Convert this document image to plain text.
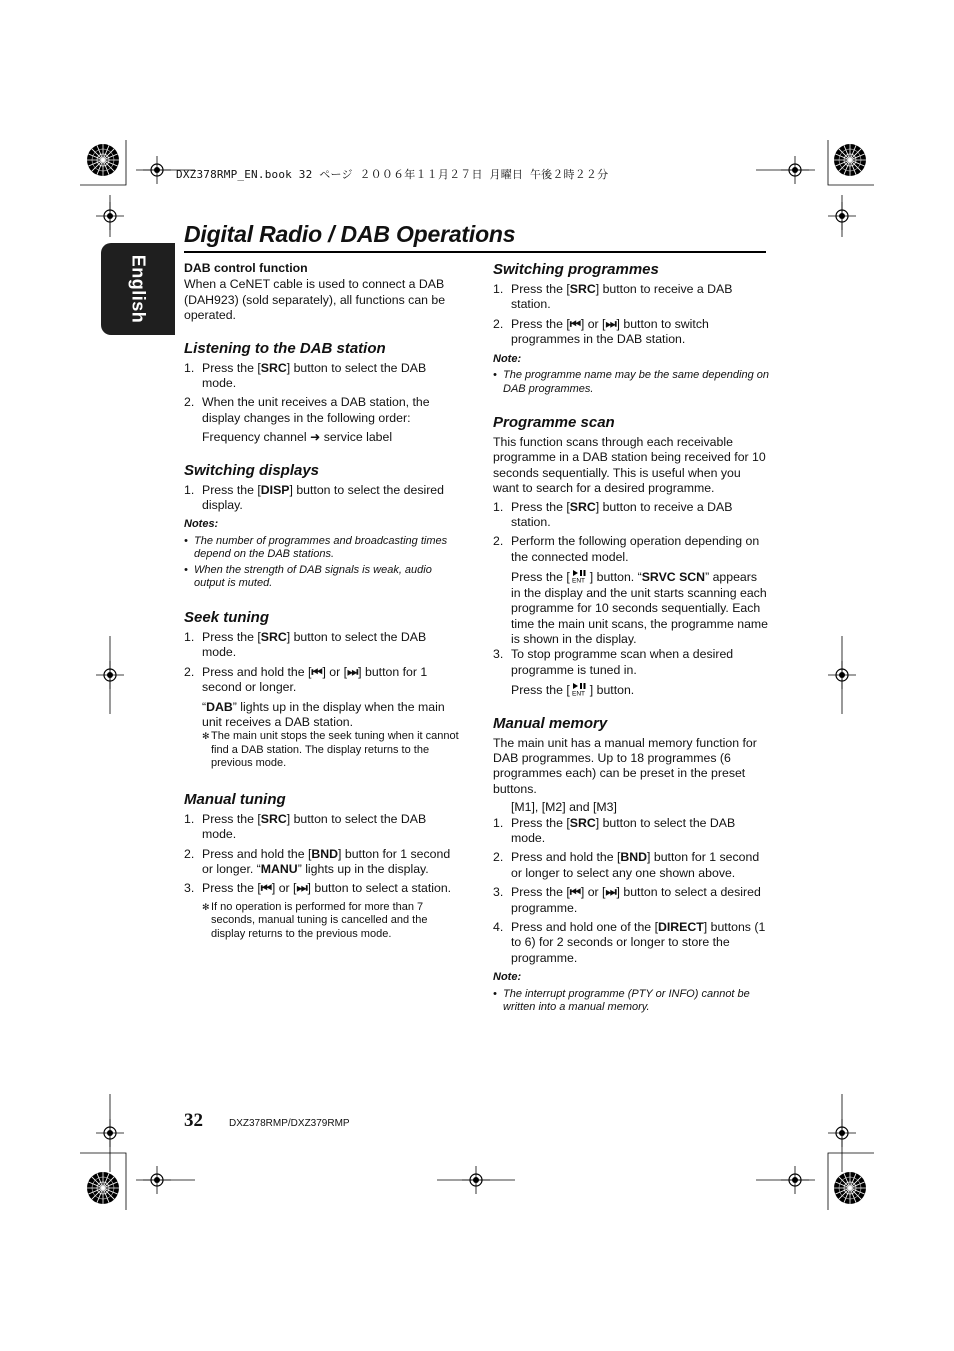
DXZ378RMP_EN.book 32 ページ ２００６年１１月２７日 月曜日 午後２時２２分
Digital Radio / DAB Operations
English	DAB control function

When a CeNET cable is used to connect a DAB (DAH923) (sold separately), all functions can be operated.

Listening to the DAB station
1. Press the [SRC] button to select the DAB mode.
2. When the unit receives a DAB station, the display changes in the following order:

Frequency channel ➜ service label

Switching displays
1. Press the [DISP] button to select the desired display.
Notes:
• The number of programmes and broadcasting times depend on the DAB stations.
• When the strength of DAB signals is weak, audio output is muted.
Seek tuning
1. Press the [SRC] button to select the DAB mode.
2. Press and hold the [⏮] or [⏭] button for 1 second or longer.

“DAB” lights up in the display when the main unit receives a DAB station.

✻ The main unit stops the seek tuning when it cannot find a DAB station. The display returns to the previous mode.
Manual tuning
1. Press the [SRC] button to select the DAB mode.
2. Press and hold the [BND] button for 1 second or longer. “MANU” lights up in the display.
3. Press the [⏮] or [⏭] button to select a station.
✻ If no operation is performed for more than 7 seconds, manual tuning is cancelled and the display returns to the previous mode.
Switching programmes
1. Press the [SRC] button to receive a DAB station.
2. Press the [⏮] or [⏭] button to switch programmes in the DAB station.
Note:
• The programme name may be the same depending on DAB programmes.
Programme scan

This function scans through each receivable programme in a DAB station being received for 10 seconds sequentially. This is useful when you want to search for a desired programme.

1. Press the [SRC] button to receive a DAB station.
2. Perform the following operation depending on the connected model.

Press the [ ENT ] button. “SRVC SCN” appears in the display and the unit starts scanning each programme for 10 seconds sequentially. Each time the main unit scans, the programme name is shown in the display.

3. To stop programme scan when a desired programme is tuned in.

Press the [ ENT ] button.

Manual memory

The main unit has a manual memory function for DAB programmes. Up to 18 programmes (6 programmes each) can be preset in the preset buttons.

[M1], [M2] and [M3]

1. Press the [SRC] button to select the DAB mode.
2. Press and hold the [BND] button for 1 second or longer to select any one shown above.
3. Press the [⏮] or [⏭] button to select a desired programme.
4. Press and hold one of the [DIRECT] buttons (1 to 6) for 2 seconds or longer to store the programme.
Note:
• The interrupt programme (PTY or INFO) cannot be written into a manual memory.
32	DXZ378RMP/DXZ379RMP
